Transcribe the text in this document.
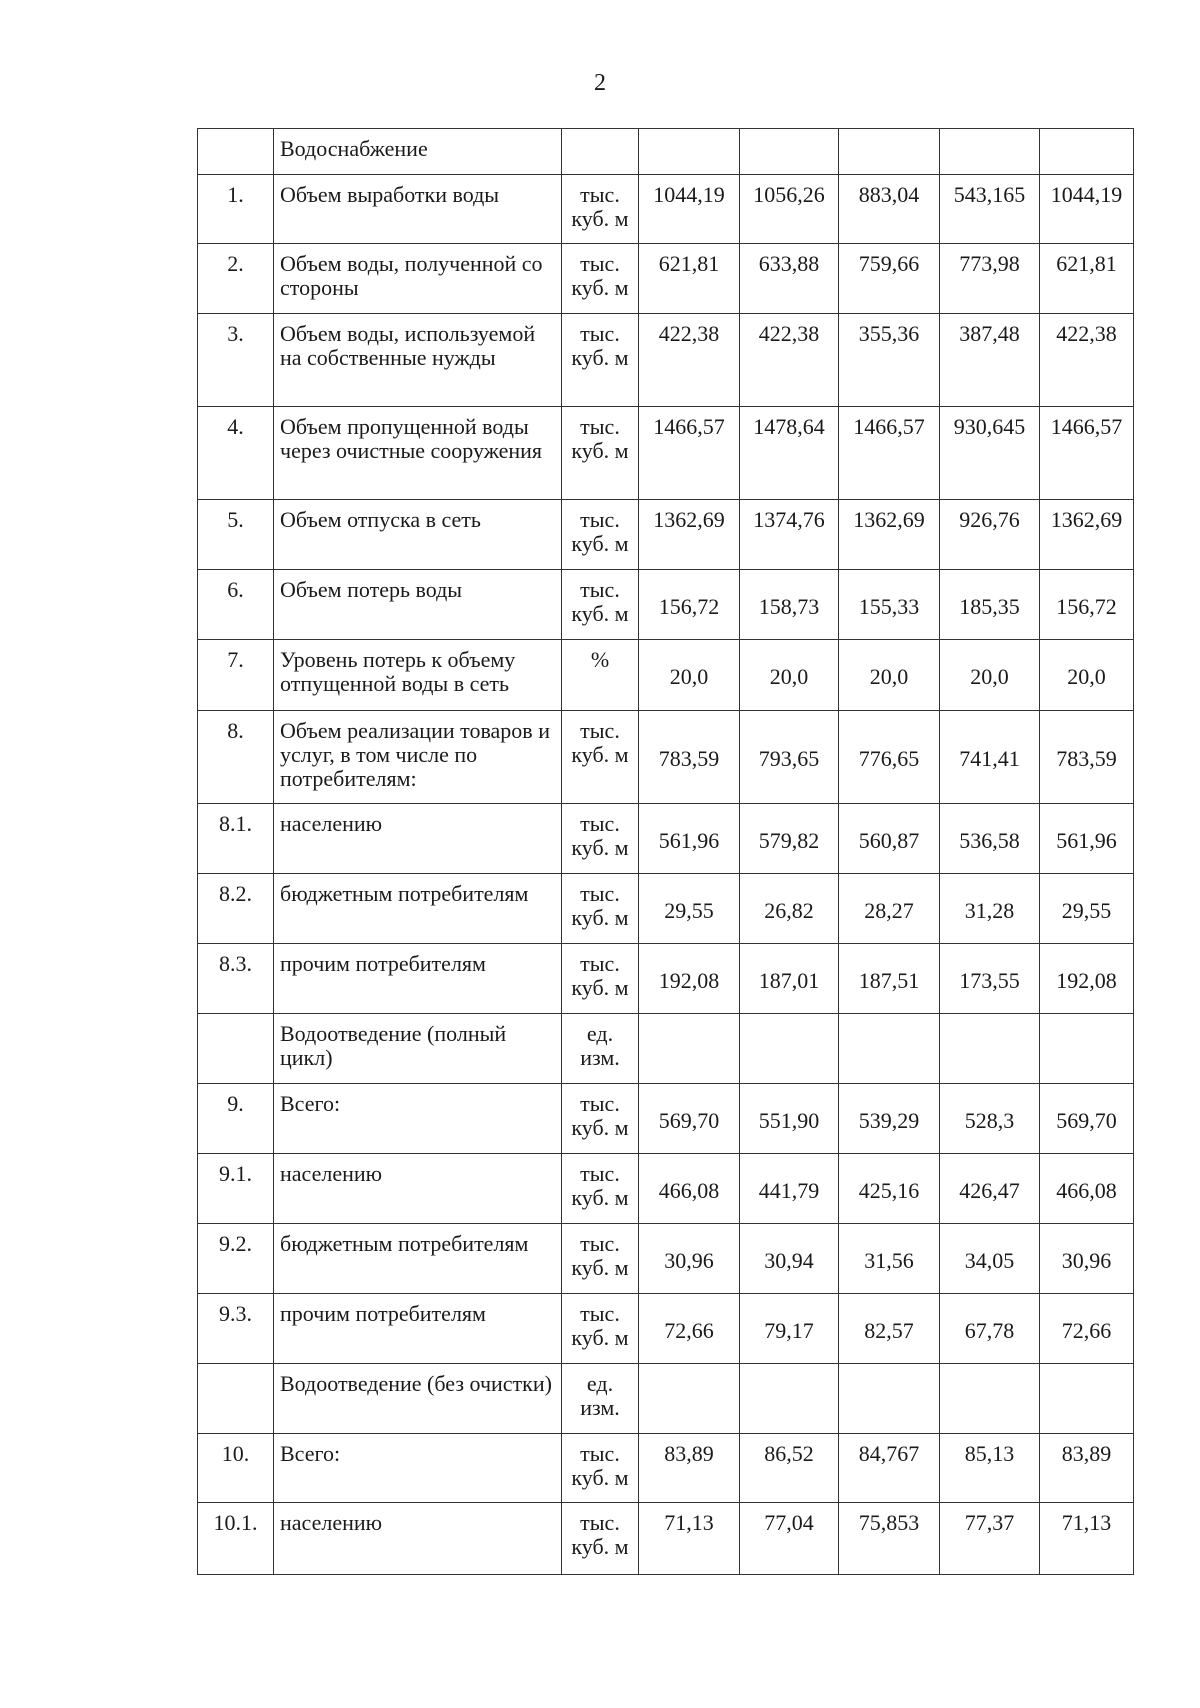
2
	Водоснабжение						
1.	Объем выработки воды	тыс. куб. м	1044,19	1056,26	883,04	543,165	1044,19
2.	Объем воды, полученной со стороны	тыс. куб. м	621,81	633,88	759,66	773,98	621,81
3.	Объем воды, используемой на собственные нужды	тыс. куб. м	422,38	422,38	355,36	387,48	422,38
4.	Объем пропущенной воды через очистные сооружения	тыс. куб. м	1466,57	1478,64	1466,57	930,645	1466,57
5.	Объем отпуска в сеть	тыс. куб. м	1362,69	1374,76	1362,69	926,76	1362,69
6.	Объем потерь воды	тыс. куб. м	156,72	158,73	155,33	185,35	156,72
7.	Уровень потерь к объему отпущенной воды в сеть	%	20,0	20,0	20,0	20,0	20,0
8.	Объем реализации товаров и услуг, в том числе по потребителям:	тыс. куб. м	783,59	793,65	776,65	741,41	783,59
8.1.	населению	тыс. куб. м	561,96	579,82	560,87	536,58	561,96
8.2.	бюджетным потребителям	тыс. куб. м	29,55	26,82	28,27	31,28	29,55
8.3.	прочим потребителям	тыс. куб. м	192,08	187,01	187,51	173,55	192,08
	Водоотведение (полный цикл)	ед. изм.					
9.	Всего:	тыс. куб. м	569,70	551,90	539,29	528,3	569,70
9.1.	населению	тыс. куб. м	466,08	441,79	425,16	426,47	466,08
9.2.	бюджетным потребителям	тыс. куб. м	30,96	30,94	31,56	34,05	30,96
9.3.	прочим потребителям	тыс. куб. м	72,66	79,17	82,57	67,78	72,66
	Водоотведение (без очистки)	ед. изм.					
10.	Всего:	тыс. куб. м	83,89	86,52	84,767	85,13	83,89
10.1.	населению	тыс. куб. м	71,13	77,04	75,853	77,37	71,13
